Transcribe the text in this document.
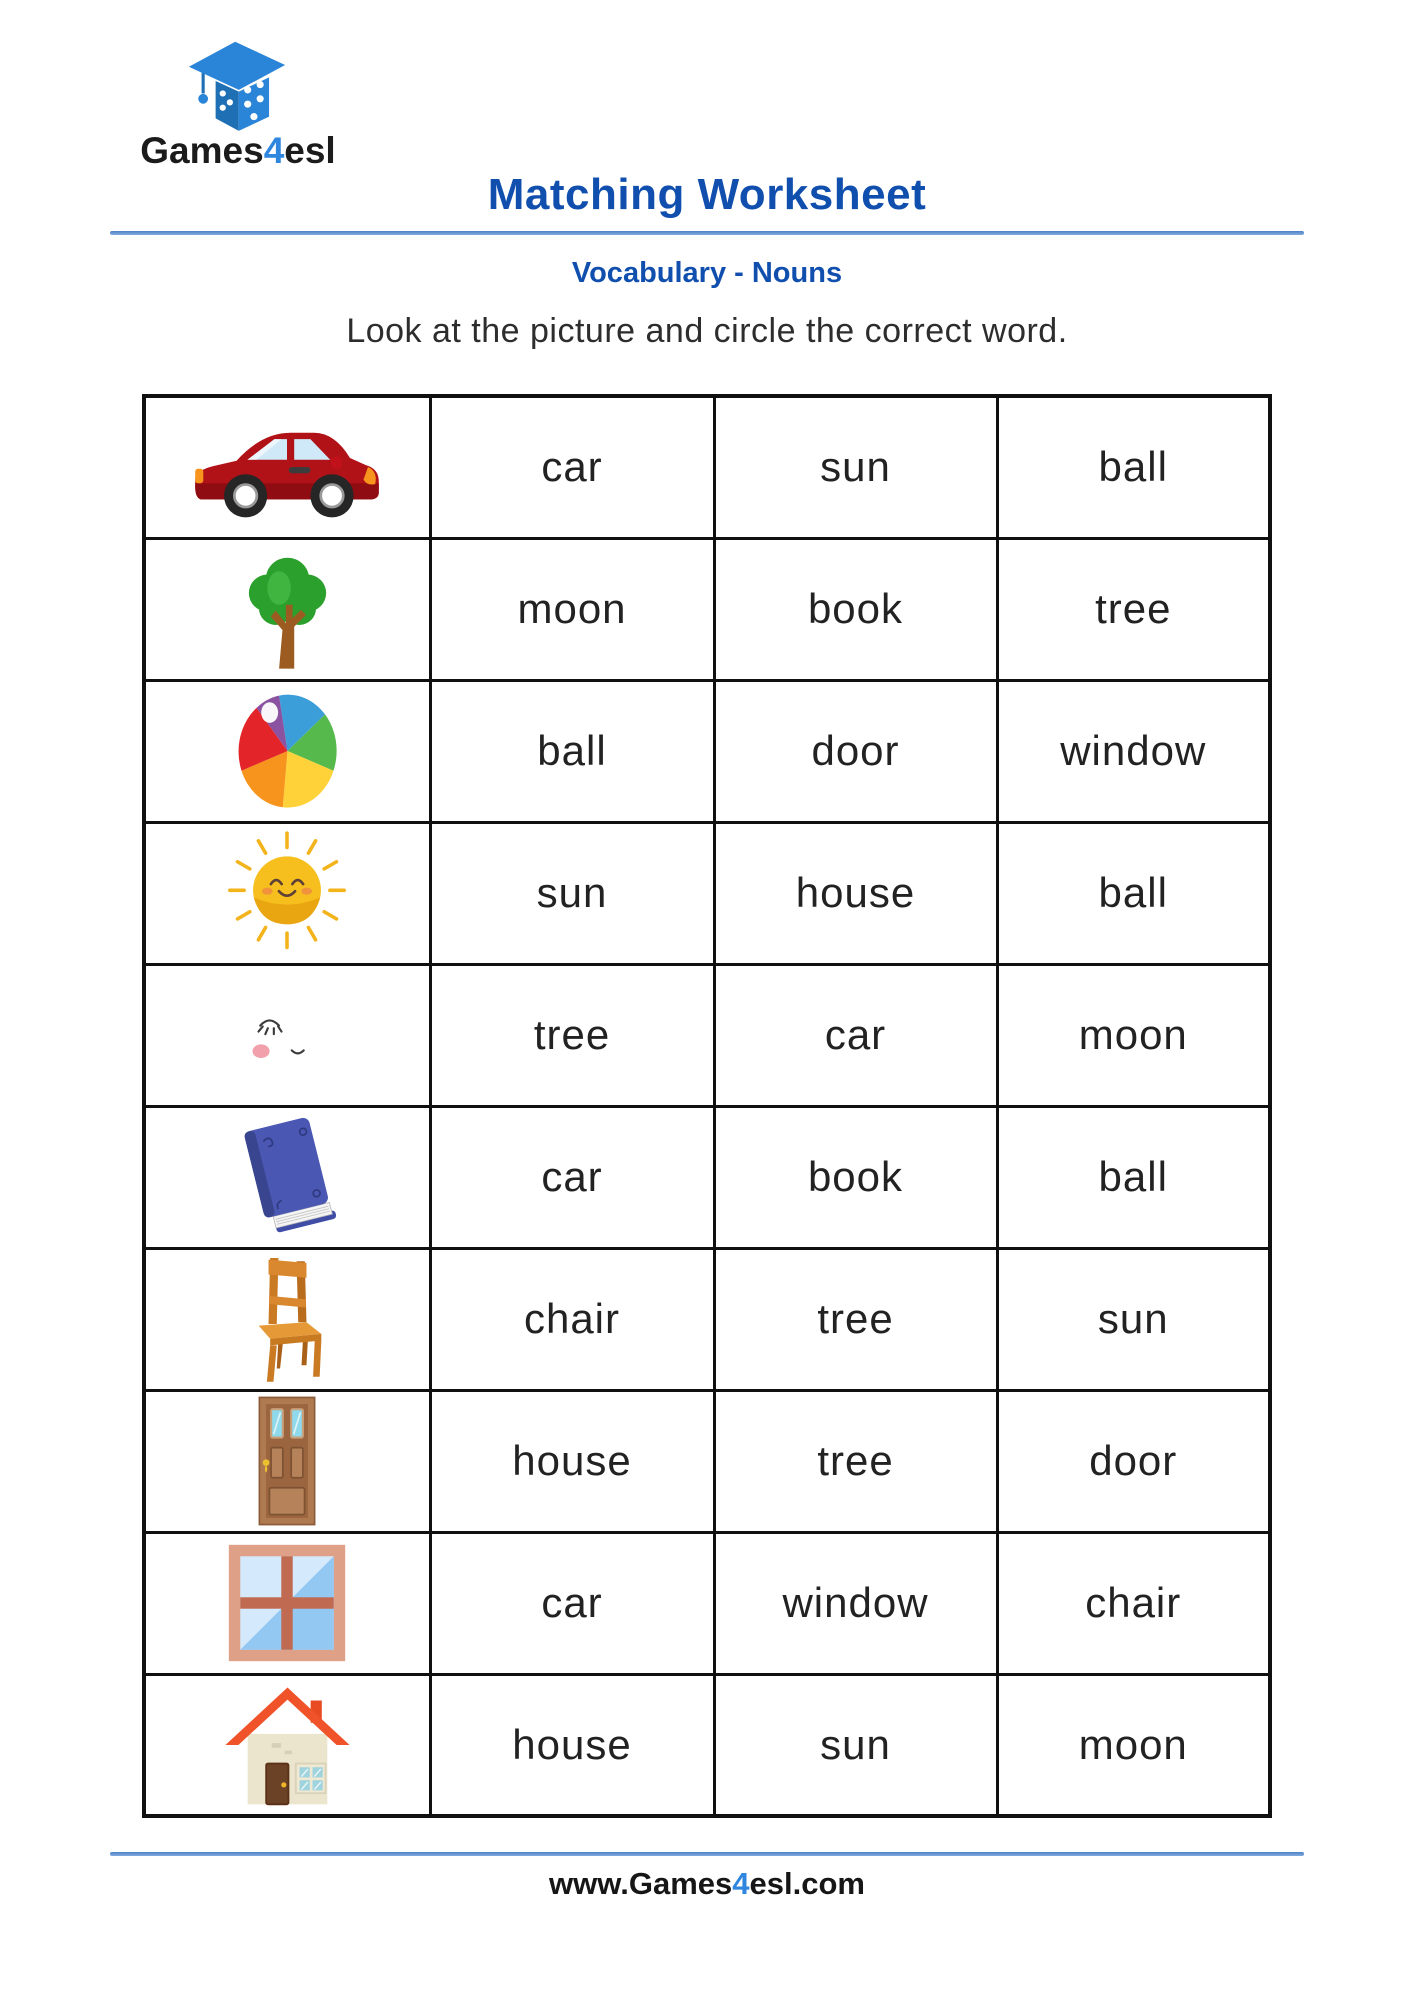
Games4esl
Matching Worksheet
Vocabulary - Nouns

Look at the picture and circle the correct word.

	car	sun	ball

	moon	book	tree

	ball	door	window

	sun	house	ball

	tree	car	moon

	car	book	ball

	chair	tree	sun

	house	tree	door

	car	window	chair

	house	sun	moon
www.Games4esl.com
